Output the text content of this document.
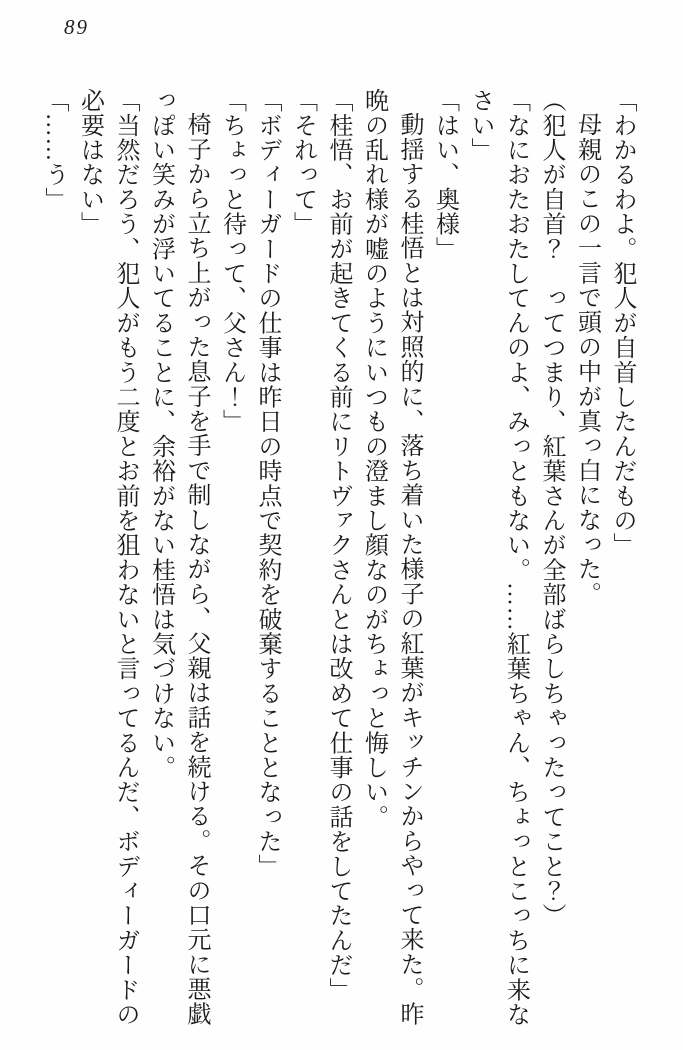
89

「わかるわよ。犯人が自首したんだもの」

母親のこの一言で頭の中が真っ白になった。

（犯人が自首？　ってつまり、紅葉さんが全部ばらしちゃったってこと？）

「なにおたおたしてんのよ、みっともない。……紅葉ちゃん、ちょっとこっちに来な

さい」

「はい、奥様」

動揺する桂悟とは対照的に、落ち着いた様子の紅葉がキッチンからやって来た。昨

晩の乱れ様が嘘のようにいつもの澄まし顔なのがちょっと悔しい。

「桂悟、お前が起きてくる前にリトヴァクさんとは改めて仕事の話をしてたんだ」

「それって」

「ボディーガードの仕事は昨日の時点で契約を破棄することとなった」

「ちょっと待って、父さん！」

椅子から立ち上がった息子を手で制しながら、父親は話を続ける。その口元に悪戯

っぽい笑みが浮いてることに、余裕がない桂悟は気づけない。

「当然だろう、犯人がもう二度とお前を狙わないと言ってるんだ、ボディーガードの

必要はない」

「……う」
